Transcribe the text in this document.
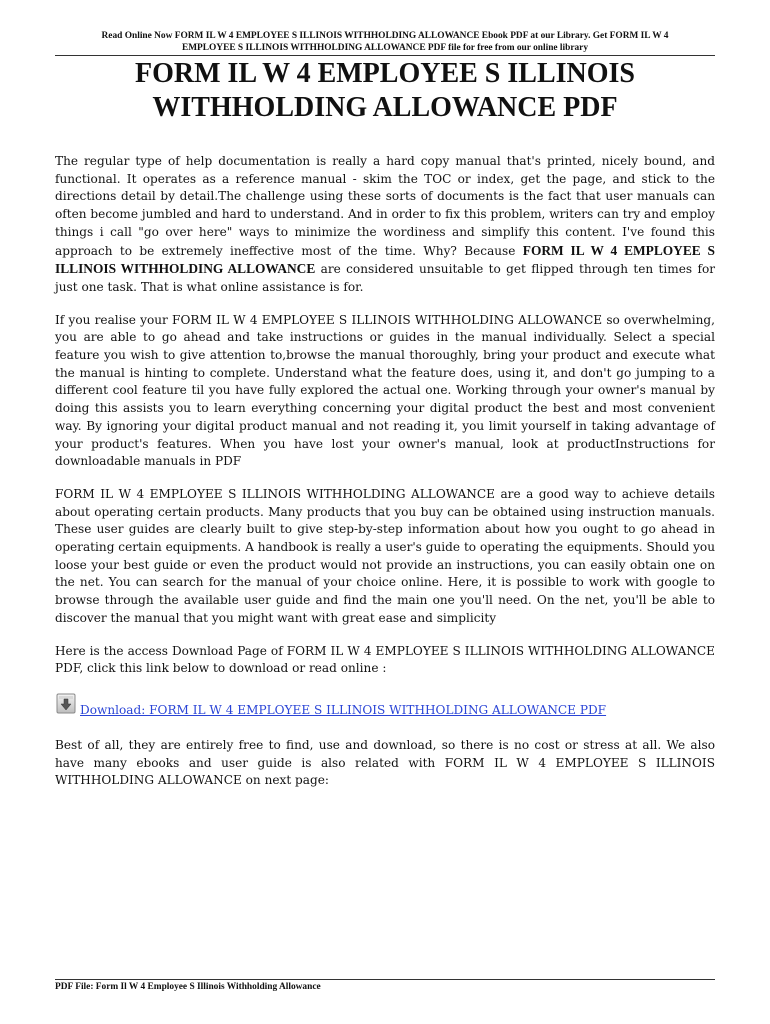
Read Online Now FORM IL W 4 EMPLOYEE S ILLINOIS WITHHOLDING ALLOWANCE Ebook PDF at our Library. Get FORM IL W 4
EMPLOYEE S ILLINOIS WITHHOLDING ALLOWANCE PDF file for free from our online library
FORM IL W 4 EMPLOYEE S ILLINOIS
WITHHOLDING ALLOWANCE PDF

The regular type of help documentation is really a hard copy manual that's printed, nicely bound, and functional. It operates as a reference manual - skim the TOC or index, get the page, and stick to the directions detail by detail.The challenge using these sorts of documents is the fact that user manuals can often become jumbled and hard to understand. And in order to fix this problem, writers can try and employ things i call "go over here" ways to minimize the wordiness and simplify this content. I've found this approach to be extremely ineffective most of the time. Why? Because FORM IL W 4 EMPLOYEE S ILLINOIS WITHHOLDING ALLOWANCE are considered unsuitable to get flipped through ten times for just one task. That is what online assistance is for.

If you realise your FORM IL W 4 EMPLOYEE S ILLINOIS WITHHOLDING ALLOWANCE so overwhelming, you are able to go ahead and take instructions or guides in the manual individually. Select a special feature you wish to give attention to,browse the manual thoroughly, bring your product and execute what the manual is hinting to complete. Understand what the feature does, using it, and don't go jumping to a different cool feature til you have fully explored the actual one. Working through your owner's manual by doing this assists you to learn everything concerning your digital product the best and most convenient way. By ignoring your digital product manual and not reading it, you limit yourself in taking advantage of your product's features. When you have lost your owner's manual, look at productInstructions for downloadable manuals in PDF

FORM IL W 4 EMPLOYEE S ILLINOIS WITHHOLDING ALLOWANCE are a good way to achieve details about operating certain products. Many products that you buy can be obtained using instruction manuals. These user guides are clearly built to give step-by-step information about how you ought to go ahead in operating certain equipments. A handbook is really a user's guide to operating the equipments. Should you loose your best guide or even the product would not provide an instructions, you can easily obtain one on the net. You can search for the manual of your choice online. Here, it is possible to work with google to browse through the available user guide and find the main one you'll need. On the net, you'll be able to discover the manual that you might want with great ease and simplicity

Here is the access Download Page of FORM IL W 4 EMPLOYEE S ILLINOIS WITHHOLDING ALLOWANCE PDF, click this link below to download or read online :

Download: FORM IL W 4 EMPLOYEE S ILLINOIS WITHHOLDING ALLOWANCE PDF

Best of all, they are entirely free to find, use and download, so there is no cost or stress at all. We also have many ebooks and user guide is also related with FORM IL W 4 EMPLOYEE S ILLINOIS WITHHOLDING ALLOWANCE on next page:

PDF File: Form Il W 4 Employee S Illinois Withholding Allowance
